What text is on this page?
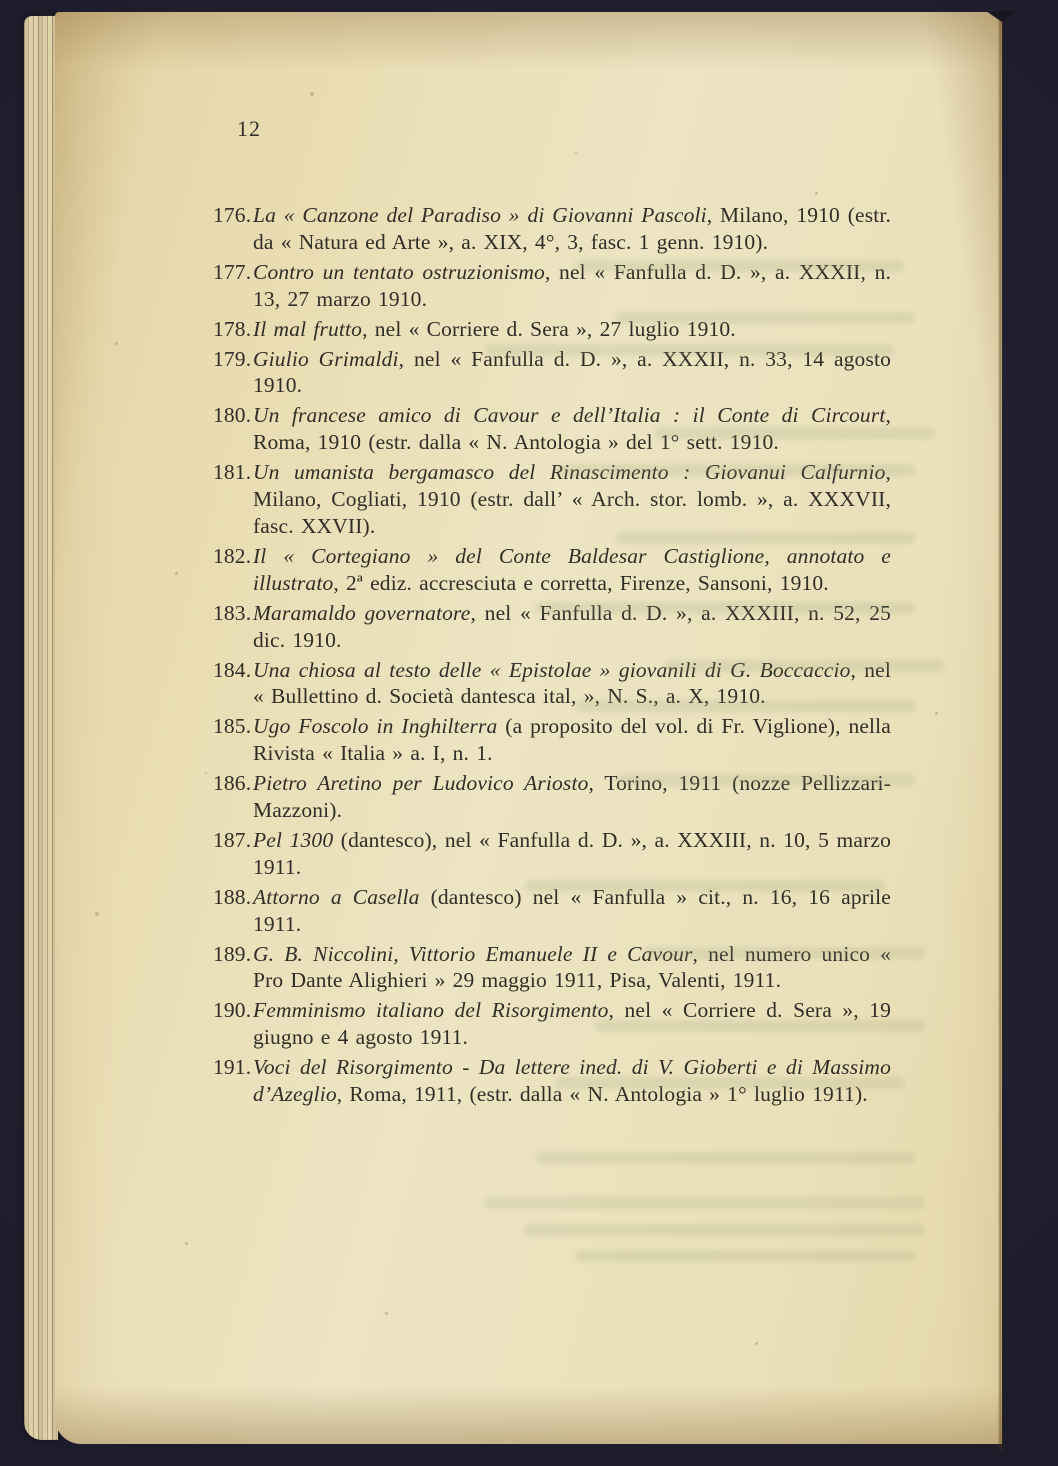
12

176.La « Canzone del Paradiso » di Giovanni Pascoli, Milano, 1910 (estr. da « Natura ed Arte », a. XIX, 4°, 3, fasc. 1 genn. 1910).

177.Contro un tentato ostruzionismo, nel « Fanfulla d. D. », a. XXXII, n. 13, 27 marzo 1910.

178.Il mal frutto, nel « Corriere d. Sera », 27 luglio 1910.

179.Giulio Grimaldi, nel « Fanfulla d. D. », a. XXXII, n. 33, 14 agosto 1910.

180.Un francese amico di Cavour e dell’Italia : il Conte di Circourt, Roma, 1910 (estr. dalla « N. Antologia » del 1° sett. 1910.

181.Un umanista bergamasco del Rinascimento : Giovanui Calfurnio, Milano, Cogliati, 1910 (estr. dall’ « Arch. stor. lomb. », a. XXXVII, fasc. XXVII).

182.Il « Cortegiano » del Conte Baldesar Castiglione, annotato e illustrato, 2ª ediz. accresciuta e corretta, Firenze, Sansoni, 1910.

183.Maramaldo governatore, nel « Fanfulla d. D. », a. XXXIII, n. 52, 25 dic. 1910.

184.Una chiosa al testo delle « Epistolae » giovanili di G. Boccaccio, nel « Bullettino d. Società dantesca ital, », N. S., a. X, 1910.

185.Ugo Foscolo in Inghilterra (a proposito del vol. di Fr. Viglione), nella Rivista « Italia » a. I, n. 1.

186.Pietro Aretino per Ludovico Ariosto, Torino, 1911 (nozze Pellizzari-Mazzoni).

187.Pel 1300 (dantesco), nel « Fanfulla d. D. », a. XXXIII, n. 10, 5 marzo 1911.

188.Attorno a Casella (dantesco) nel « Fanfulla » cit., n. 16, 16 aprile 1911.

189.G. B. Niccolini, Vittorio Emanuele II e Cavour, nel numero unico « Pro Dante Alighieri » 29 maggio 1911, Pisa, Valenti, 1911.

190.Femminismo italiano del Risorgimento, nel « Corriere d. Sera », 19 giugno e 4 agosto 1911.

191.Voci del Risorgimento - Da lettere ined. di V. Gioberti e di Massimo d’Azeglio, Roma, 1911, (estr. dalla « N. Antologia » 1° luglio 1911).
